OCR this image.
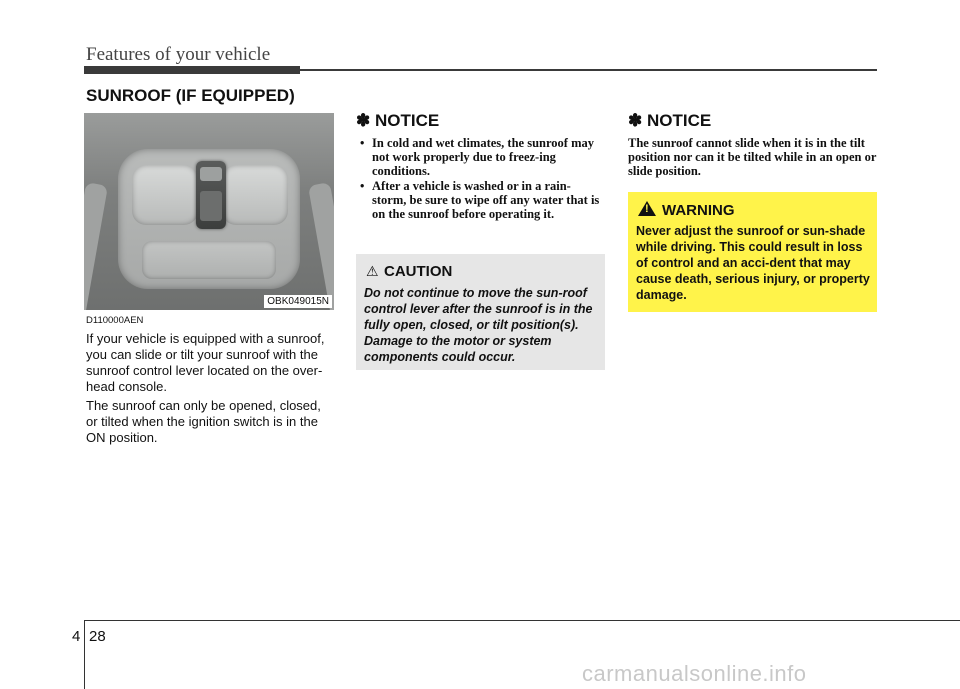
Features of your vehicle
SUNROOF (IF EQUIPPED)
OBK049015N
D110000AEN

If your vehicle is equipped with a sunroof, you can slide or tilt your sunroof with the sunroof control lever located on the over-head console.

The sunroof can only be opened, closed, or tilted when the ignition switch is in the ON position.

✽ NOTICE
• In cold and wet climates, the sunroof may not work properly due to freez-ing conditions.
• After a vehicle is washed or in a rain-storm, be sure to wipe off any water that is on the sunroof before operating it.
⚠ CAUTION

Do not continue to move the sun-roof control lever after the sunroof is in the fully open, closed, or tilt position(s). Damage to the motor or system components could occur.

✽ NOTICE

The sunroof cannot slide when it is in the tilt position nor can it be tilted while in an open or slide position.

!WARNING

Never adjust the sunroof or sun-shade while driving. This could result in loss of control and an acci-dent that may cause death, serious injury, or property damage.

4 28
carmanualsonline.info
